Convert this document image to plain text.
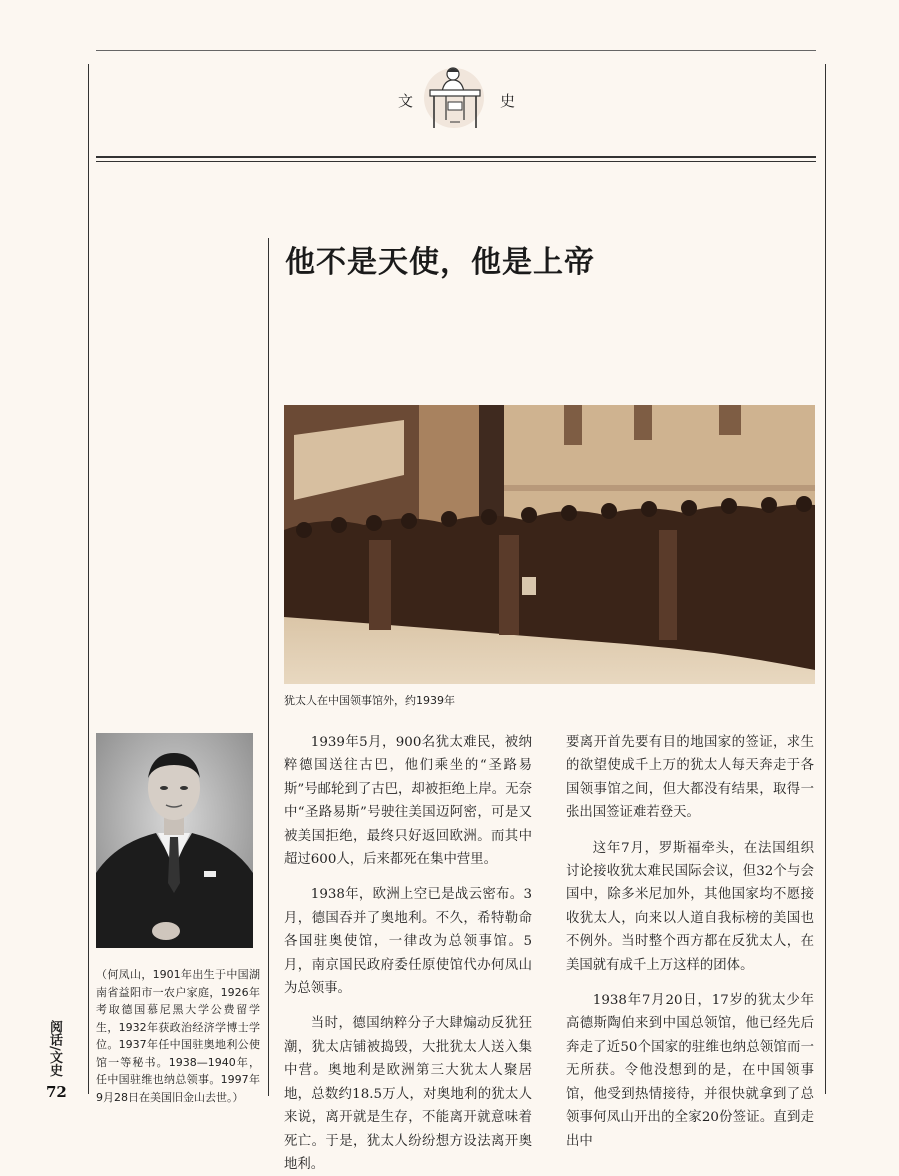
文	史
他不是天使，他是上帝
犹太人在中国领事馆外，约1939年

（何凤山，1901年出生于中国湖南省益阳市一农户家庭，1926年考取德国慕尼黑大学公费留学生，1932年获政治经济学博士学位。1937年任中国驻奥地利公使馆一等秘书。1938—1940年，任中国驻维也纳总领事。1997年9月28日在美国旧金山去世。）

1939年5月，900名犹太难民，被纳粹德国送往古巴，他们乘坐的“圣路易斯”号邮轮到了古巴，却被拒绝上岸。无奈中“圣路易斯”号驶往美国迈阿密，可是又被美国拒绝，最终只好返回欧洲。而其中超过600人，后来都死在集中营里。

1938年，欧洲上空已是战云密布。3月，德国吞并了奥地利。不久，希特勒命各国驻奥使馆，一律改为总领事馆。5月，南京国民政府委任原使馆代办何凤山为总领事。

当时，德国纳粹分子大肆煽动反犹狂潮，犹太店铺被捣毁，大批犹太人送入集中营。奥地利是欧洲第三大犹太人聚居地，总数约18.5万人，对奥地利的犹太人来说，离开就是生存，不能离开就意味着死亡。于是，犹太人纷纷想方设法离开奥地利。

要离开首先要有目的地国家的签证，求生的欲望使成千上万的犹太人每天奔走于各国领事馆之间，但大都没有结果，取得一张出国签证难若登天。

这年7月，罗斯福牵头，在法国组织讨论接收犹太难民国际会议，但32个与会国中，除多米尼加外，其他国家均不愿接收犹太人，向来以人道自我标榜的美国也不例外。当时整个西方都在反犹太人，在美国就有成千上万这样的团体。

1938年7月20日，17岁的犹太少年高德斯陶伯来到中国总领馆，他已经先后奔走了近50个国家的驻维也纳总领馆而一无所获。令他没想到的是，在中国领事馆，他受到热情接待，并很快就拿到了总领事何凤山开出的全家20份签证。直到走出中

阅话/文史
72
